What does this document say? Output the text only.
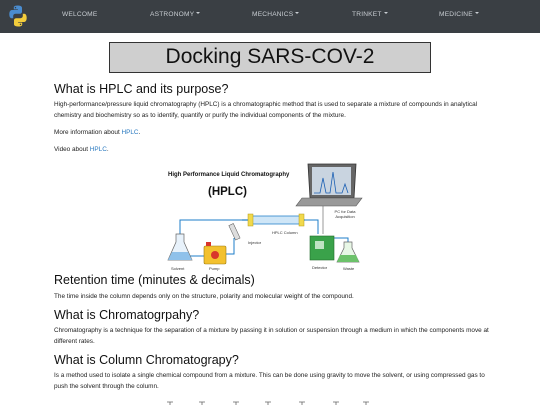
WELCOME	ASTRONOMY	MECHANICS	TRINKET	MEDICINE
Docking SARS-COV-2
What is HPLC and its purpose?
High-performance/pressure liquid chromatography (HPLC) is a chromatographic method that is used to separate a mixture of compounds in analytical chemistry and biochemistry so as to identify, quantify or purify the individual components of the mixture.
More information about HPLC.
Video about HPLC.
High Performance Liquid Chromatography
(HPLC)
PC for Data Acquisition
HPLC Column
Injector
Solvent	Pump	Detector	Waste
Retention time (minutes & decimals)
The time inside the column depends only on the structure, polarity and molecular weight of the compound.
What is Chromatogrpahy?
Chromatography is a technique for the separation of a mixture by passing it in solution or suspension through a medium in which the components move at different rates.
What is Column Chromatograpy?
Is a method used to isolate a single chemical compound from a mixture. This can be done using gravity to move the solvent, or using compressed gas to push the solvent through the column.
